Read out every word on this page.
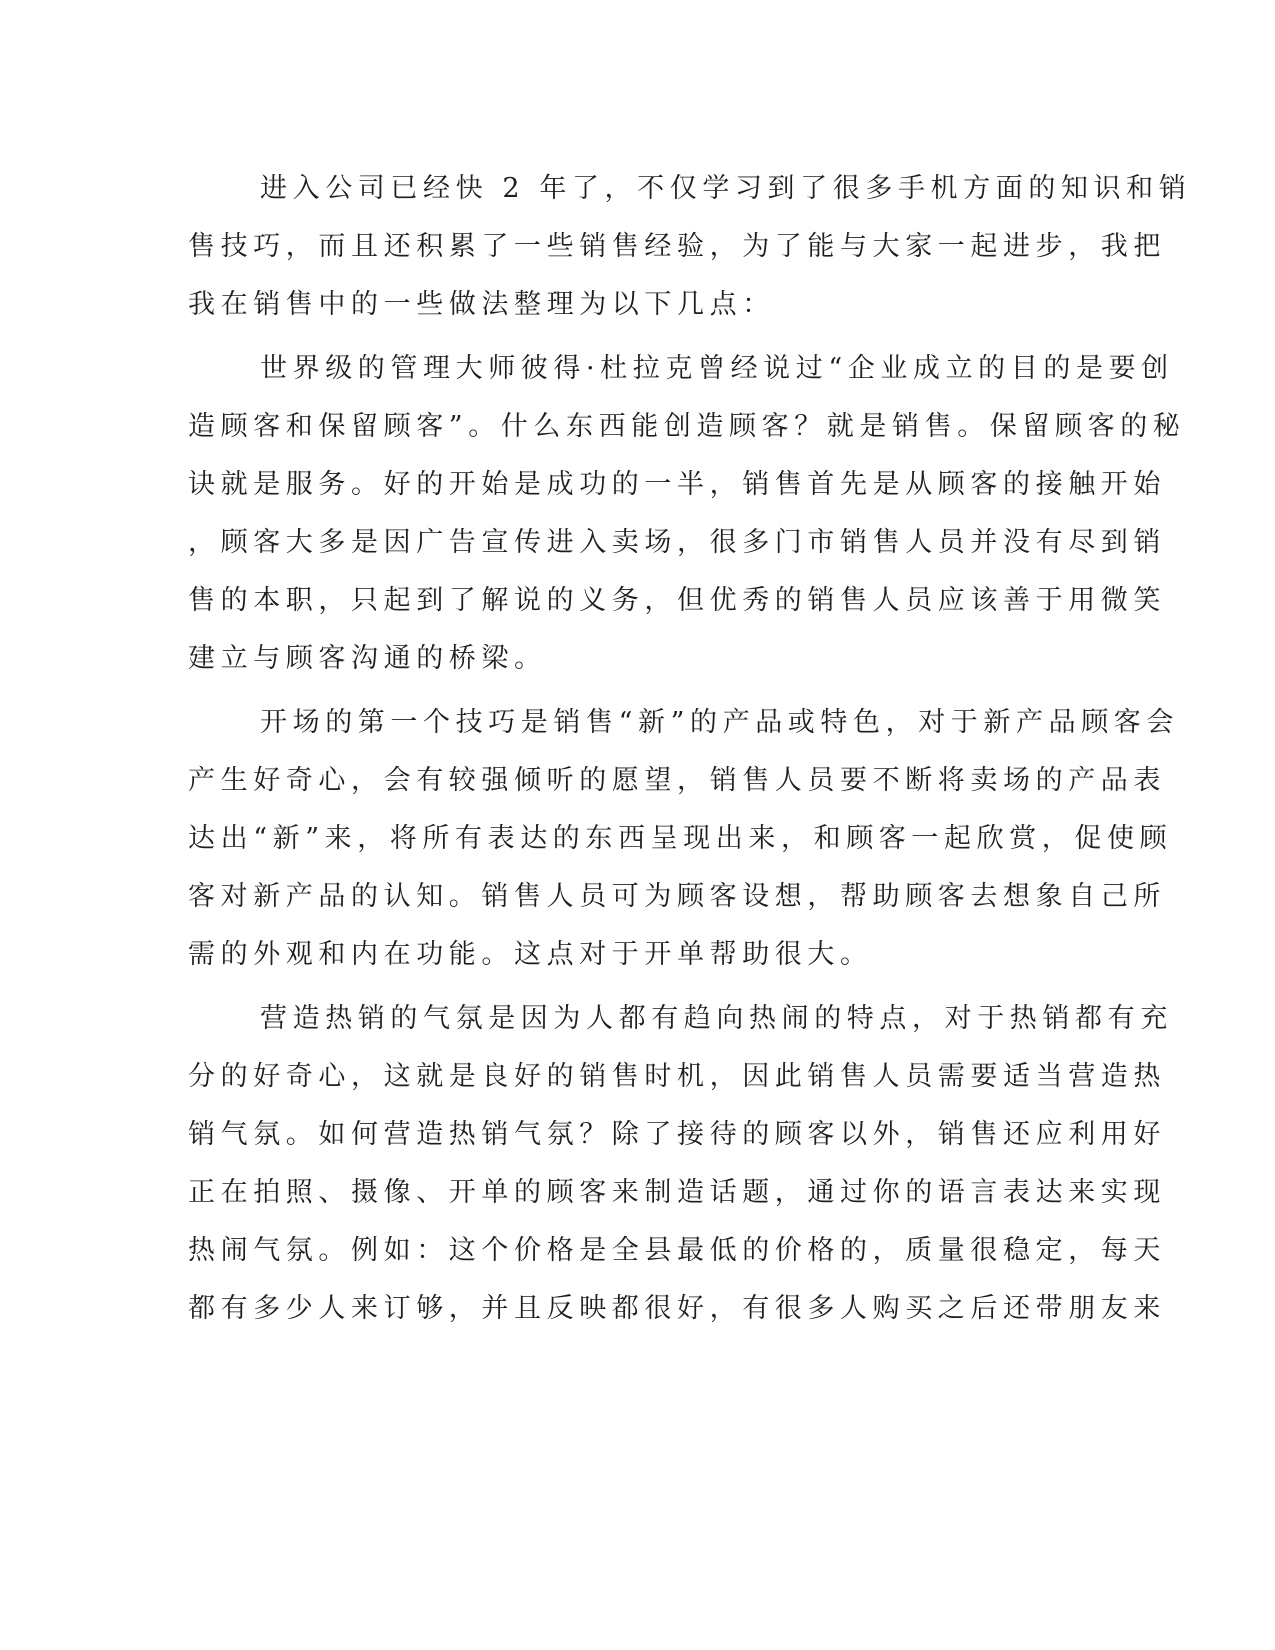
进入公司已经快 2 年了，不仅学习到了很多手机方面的知识和销
售技巧，而且还积累了一些销售经验，为了能与大家一起进步，我把
我在销售中的一些做法整理为以下几点：
世界级的管理大师彼得·杜拉克曾经说过“企业成立的目的是要创
造顾客和保留顾客”。什么东西能创造顾客？就是销售。保留顾客的秘
诀就是服务。好的开始是成功的一半，销售首先是从顾客的接触开始
，顾客大多是因广告宣传进入卖场，很多门市销售人员并没有尽到销
售的本职，只起到了解说的义务，但优秀的销售人员应该善于用微笑
建立与顾客沟通的桥梁。
开场的第一个技巧是销售“新”的产品或特色，对于新产品顾客会
产生好奇心，会有较强倾听的愿望，销售人员要不断将卖场的产品表
达出“新”来，将所有表达的东西呈现出来，和顾客一起欣赏，促使顾
客对新产品的认知。销售人员可为顾客设想，帮助顾客去想象自己所
需的外观和内在功能。这点对于开单帮助很大。
营造热销的气氛是因为人都有趋向热闹的特点，对于热销都有充
分的好奇心，这就是良好的销售时机，因此销售人员需要适当营造热
销气氛。如何营造热销气氛？除了接待的顾客以外，销售还应利用好
正在拍照、摄像、开单的顾客来制造话题，通过你的语言表达来实现
热闹气氛。例如：这个价格是全县最低的价格的，质量很稳定，每天
都有多少人来订够，并且反映都很好，有很多人购买之后还带朋友来
